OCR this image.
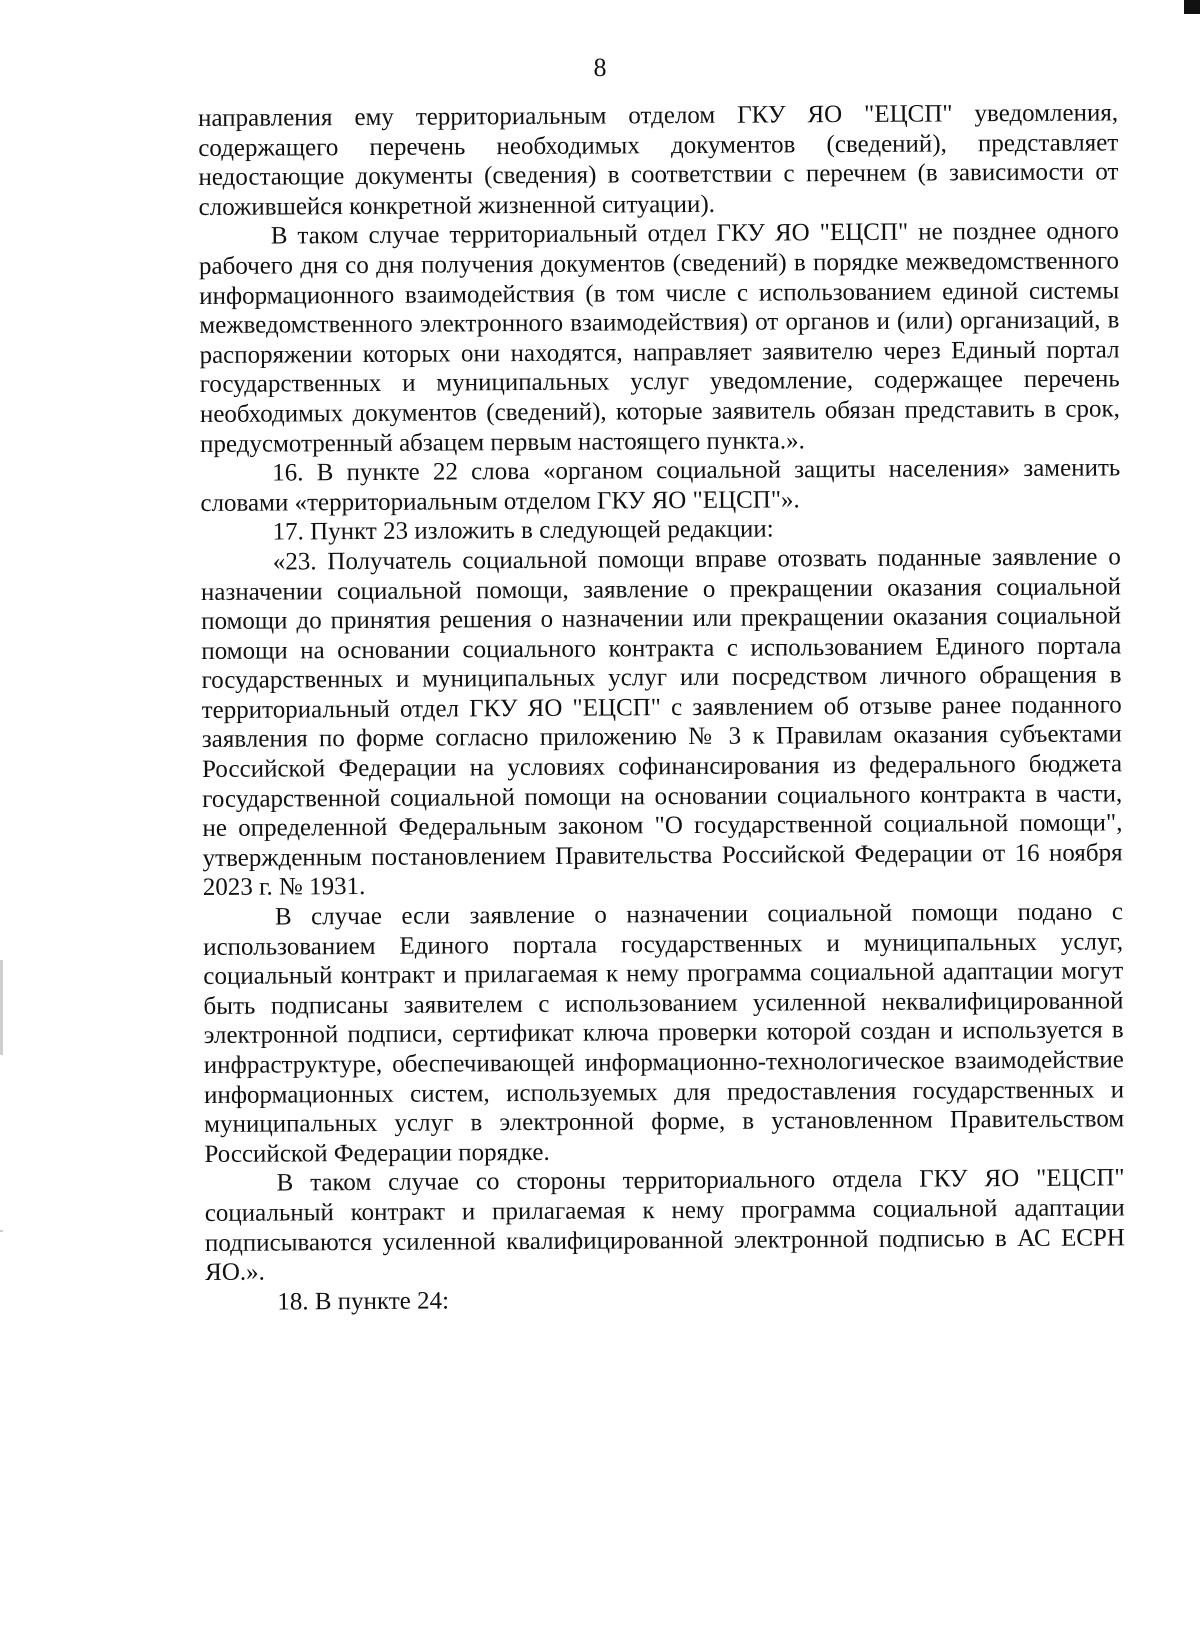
8

направления ему территориальным отделом ГКУ ЯО "ЕЦСП" уведомления, содержащего перечень необходимых документов (сведений), представляет недостающие документы (сведения) в соответствии с перечнем (в зависимости от сложившейся конкретной жизненной ситуации).

В таком случае территориальный отдел ГКУ ЯО "ЕЦСП" не позднее одного рабочего дня со дня получения документов (сведений) в порядке межведомственного информационного взаимодействия (в том числе с использованием единой системы межведомственного электронного взаимодействия) от органов и (или) организаций, в распоряжении которых они находятся, направляет заявителю через Единый портал государственных и муниципальных услуг уведомление, содержащее перечень необходимых документов (сведений), которые заявитель обязан представить в срок, предусмотренный абзацем первым настоящего пункта.».

16. В пункте 22 слова «органом социальной защиты населения» заменить словами «территориальным отделом ГКУ ЯО "ЕЦСП"».

17. Пункт 23 изложить в следующей редакции:

«23. Получатель социальной помощи вправе отозвать поданные заявление о назначении социальной помощи, заявление о прекращении оказания социальной помощи до принятия решения о назначении или прекращении оказания социальной помощи на основании социального контракта с использованием Единого портала государственных и муниципальных услуг или посредством личного обращения в территориальный отдел ГКУ ЯО "ЕЦСП" с заявлением об отзыве ранее поданного заявления по форме согласно приложению № 3 к Правилам оказания субъектами Российской Федерации на условиях софинансирования из федерального бюджета государственной социальной помощи на основании социального контракта в части, не определенной Федеральным законом "О государственной социальной помощи", утвержденным постановлением Правительства Российской Федерации от 16 ноября 2023 г. № 1931.

В случае если заявление о назначении социальной помощи подано с использованием Единого портала государственных и муниципальных услуг, социальный контракт и прилагаемая к нему программа социальной адаптации могут быть подписаны заявителем с использованием усиленной неквалифицированной электронной подписи, сертификат ключа проверки которой создан и используется в инфраструктуре, обеспечивающей информационно-технологическое взаимодействие информационных систем, используемых для предоставления государственных и муниципальных услуг в электронной форме, в установленном Правительством Российской Федерации порядке.

В таком случае со стороны территориального отдела ГКУ ЯО "ЕЦСП" социальный контракт и прилагаемая к нему программа социальной адаптации подписываются усиленной квалифицированной электронной подписью в АС ЕСРН ЯО.».

18. В пункте 24:
